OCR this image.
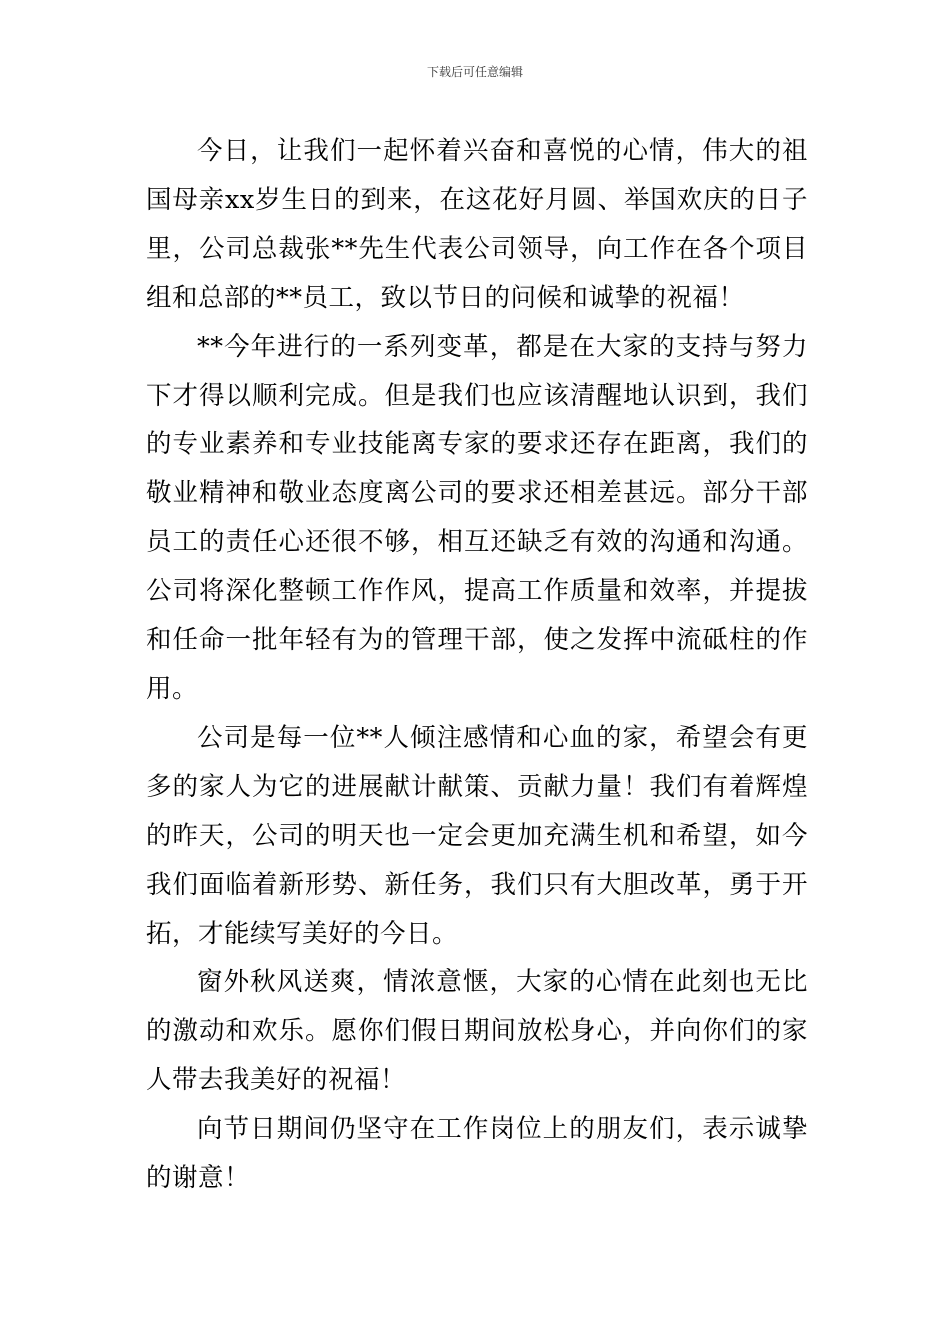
下载后可任意编辑

今日，让我们一起怀着兴奋和喜悦的心情，伟大的祖国母亲xx岁生日的到来，在这花好月圆、举国欢庆的日子里，公司总裁张**先生代表公司领导，向工作在各个项目组和总部的**员工，致以节日的问候和诚挚的祝福！

**今年进行的一系列变革，都是在大家的支持与努力下才得以顺利完成。但是我们也应该清醒地认识到，我们的专业素养和专业技能离专家的要求还存在距离，我们的敬业精神和敬业态度离公司的要求还相差甚远。部分干部员工的责任心还很不够，相互还缺乏有效的沟通和沟通。公司将深化整顿工作作风，提高工作质量和效率，并提拔和任命一批年轻有为的管理干部，使之发挥中流砥柱的作用。

公司是每一位**人倾注感情和心血的家，希望会有更多的家人为它的进展献计献策、贡献力量！我们有着辉煌的昨天，公司的明天也一定会更加充满生机和希望，如今我们面临着新形势、新任务，我们只有大胆改革，勇于开拓，才能续写美好的今日。

窗外秋风送爽，情浓意惬，大家的心情在此刻也无比的激动和欢乐。愿你们假日期间放松身心，并向你们的家人带去我美好的祝福！

向节日期间仍坚守在工作岗位上的朋友们，表示诚挚的谢意！
